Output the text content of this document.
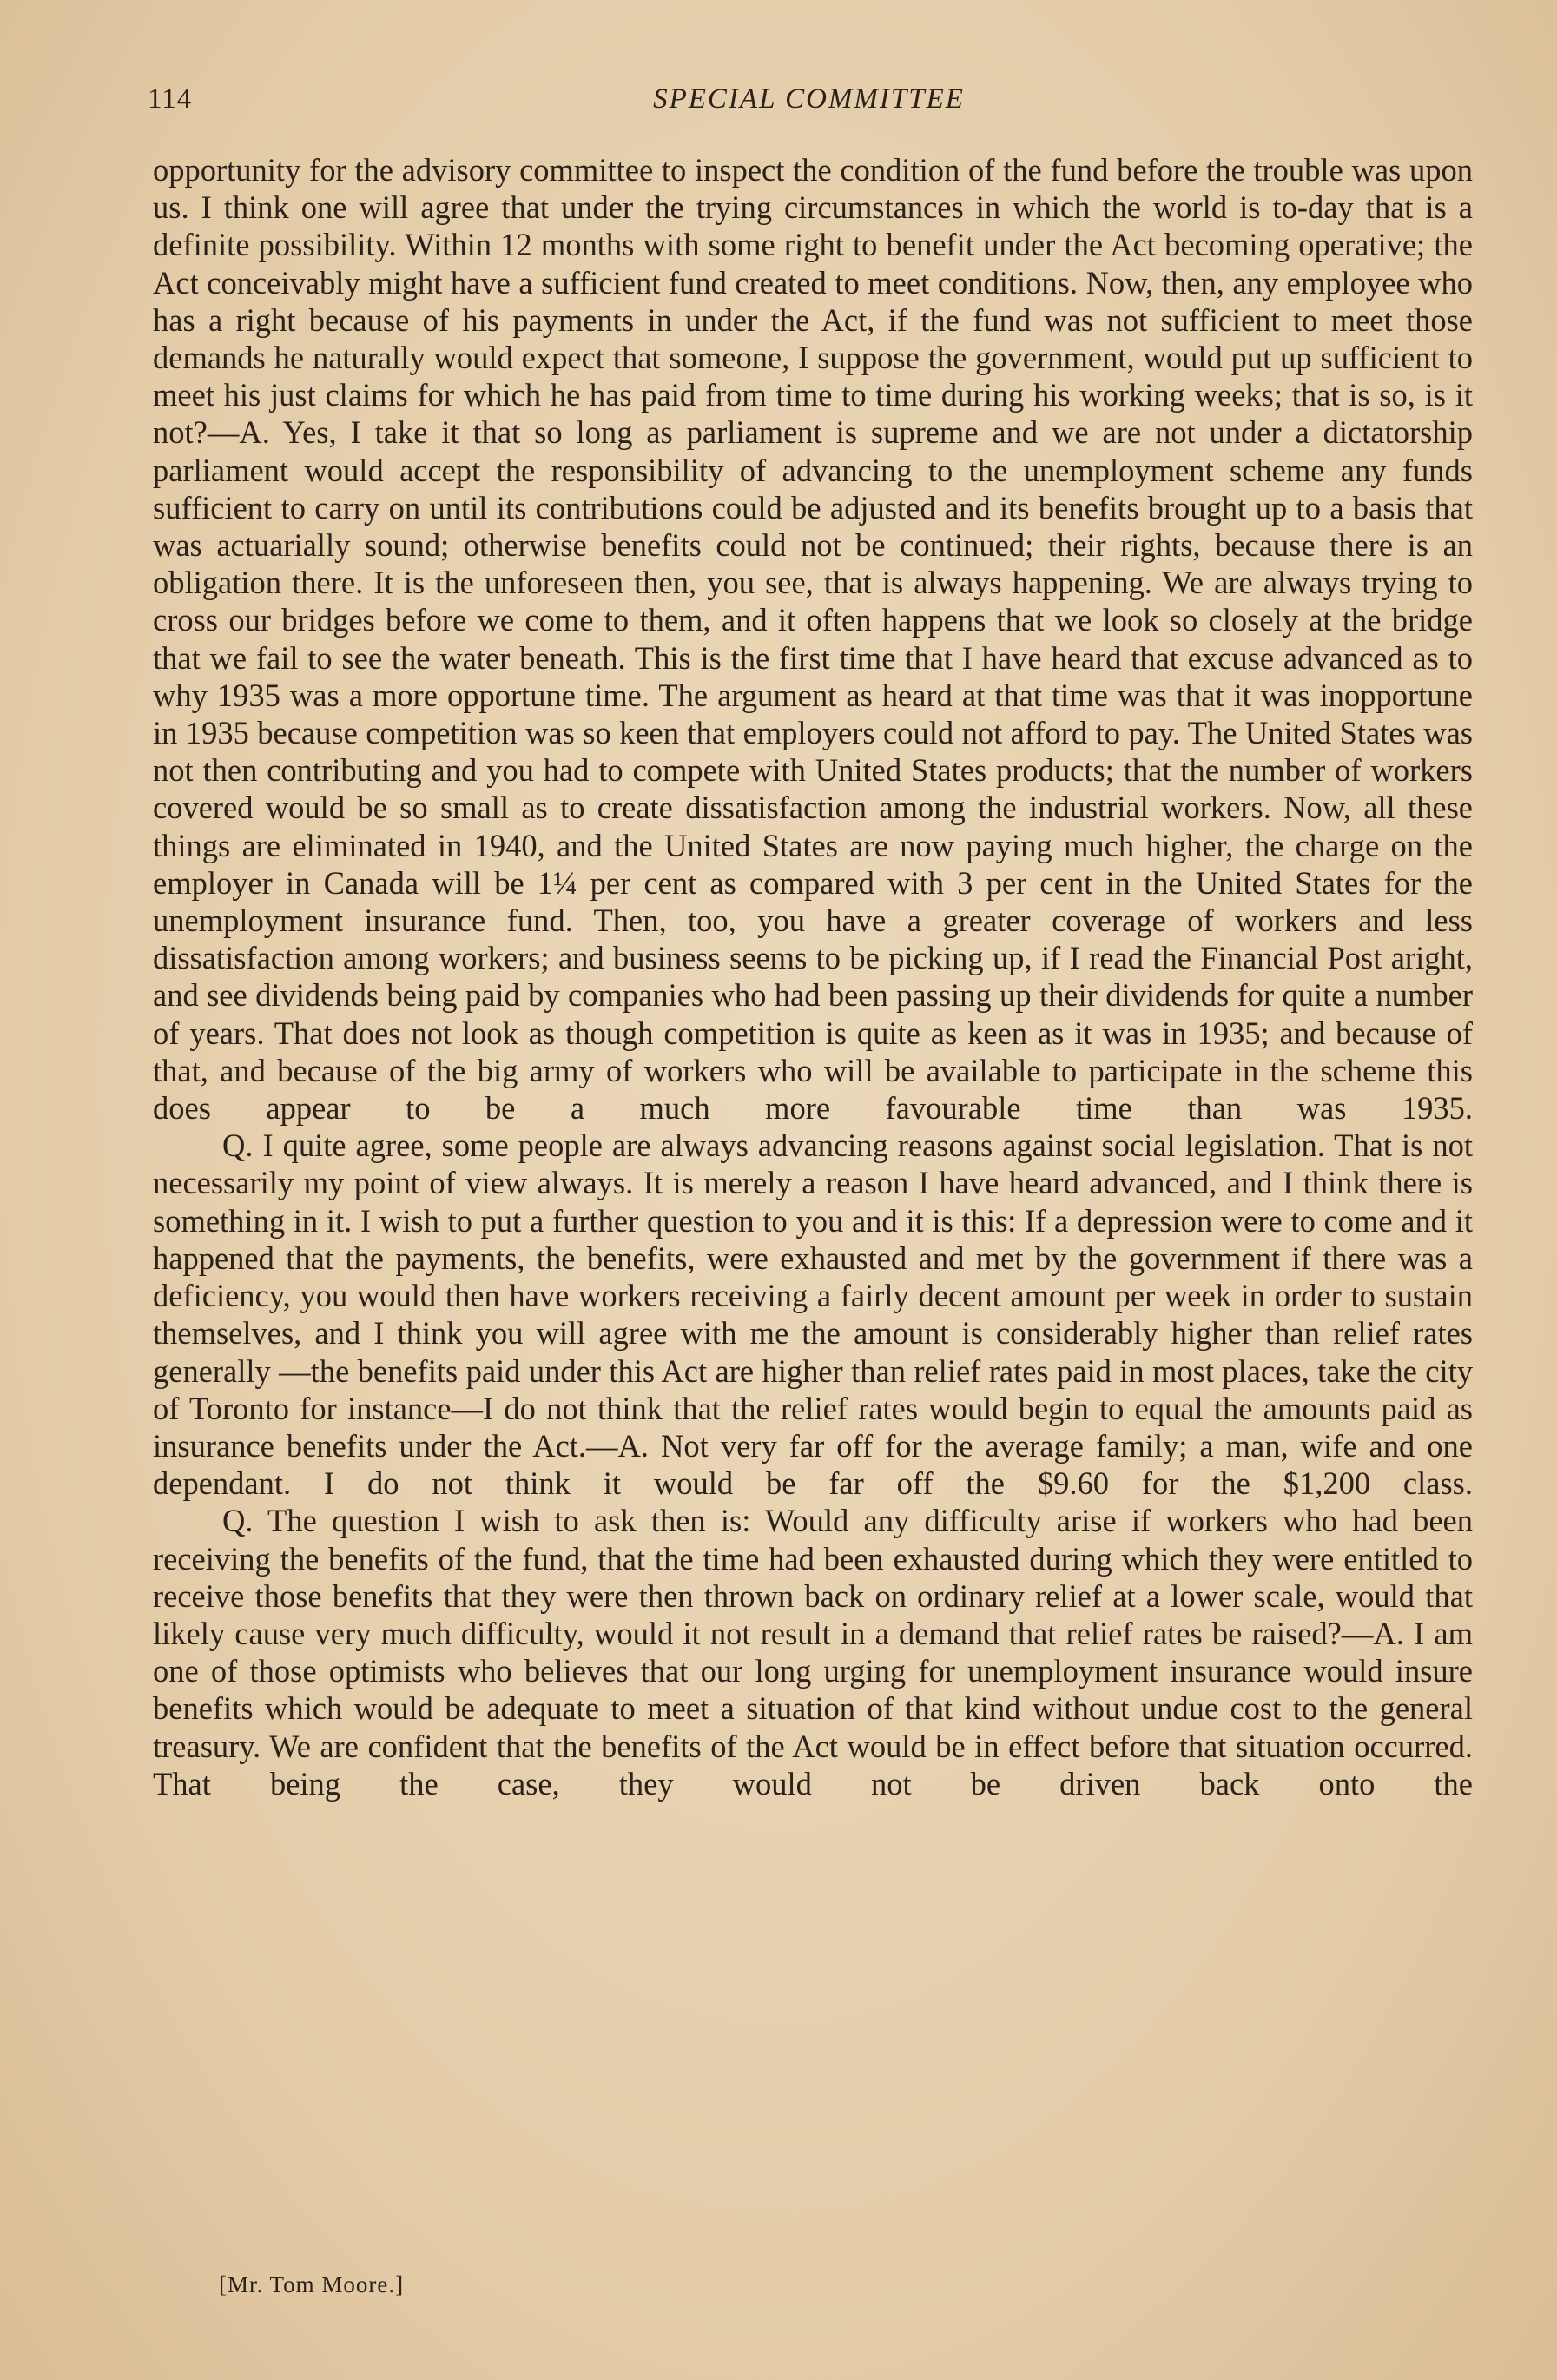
114	SPECIAL COMMITTEE

opportunity for the advisory committee to inspect the condition of the fund before the trouble was upon us. I think one will agree that under the trying circumstances in which the world is to-day that is a definite possibility. Within 12 months with some right to benefit under the Act becoming operative; the Act conceivably might have a sufficient fund created to meet conditions. Now, then, any employee who has a right because of his payments in under the Act, if the fund was not sufficient to meet those demands he naturally would expect that someone, I suppose the government, would put up sufficient to meet his just claims for which he has paid from time to time during his working weeks; that is so, is it not?—A. Yes, I take it that so long as parliament is supreme and we are not under a dictatorship parliament would accept the responsibility of advancing to the unemployment scheme any funds sufficient to carry on until its contributions could be adjusted and its benefits brought up to a basis that was actuarially sound; otherwise benefits could not be continued; their rights, because there is an obligation there. It is the unforeseen then, you see, that is always happening. We are always trying to cross our bridges before we come to them, and it often happens that we look so closely at the bridge that we fail to see the water beneath. This is the first time that I have heard that excuse advanced as to why 1935 was a more opportune time. The argument as heard at that time was that it was inopportune in 1935 because competition was so keen that employers could not afford to pay. The United States was not then contributing and you had to compete with United States products; that the number of workers covered would be so small as to create dissatisfaction among the industrial workers. Now, all these things are eliminated in 1940, and the United States are now paying much higher, the charge on the employer in Canada will be 1¼ per cent as compared with 3 per cent in the United States for the unemployment insurance fund. Then, too, you have a greater coverage of workers and less dissatisfaction among workers; and business seems to be picking up, if I read the Financial Post aright, and see dividends being paid by companies who had been passing up their dividends for quite a number of years. That does not look as though competition is quite as keen as it was in 1935; and because of that, and because of the big army of workers who will be available to participate in the scheme this does appear to be a much more favourable time than was 1935.

Q. I quite agree, some people are always advancing reasons against social legislation. That is not necessarily my point of view always. It is merely a reason I have heard advanced, and I think there is something in it. I wish to put a further question to you and it is this: If a depression were to come and it happened that the payments, the benefits, were exhausted and met by the government if there was a deficiency, you would then have workers receiving a fairly decent amount per week in order to sustain themselves, and I think you will agree with me the amount is considerably higher than relief rates generally —the benefits paid under this Act are higher than relief rates paid in most places, take the city of Toronto for instance—I do not think that the relief rates would begin to equal the amounts paid as insurance benefits under the Act.—A. Not very far off for the average family; a man, wife and one dependant. I do not think it would be far off the $9.60 for the $1,200 class.

Q. The question I wish to ask then is: Would any difficulty arise if workers who had been receiving the benefits of the fund, that the time had been exhausted during which they were entitled to receive those benefits that they were then thrown back on ordinary relief at a lower scale, would that likely cause very much difficulty, would it not result in a demand that relief rates be raised?—A. I am one of those optimists who believes that our long urging for unemployment insurance would insure benefits which would be adequate to meet a situation of that kind without undue cost to the general treasury. We are confident that the benefits of the Act would be in effect before that situation occurred. That being the case, they would not be driven back onto the

[Mr. Tom Moore.]
